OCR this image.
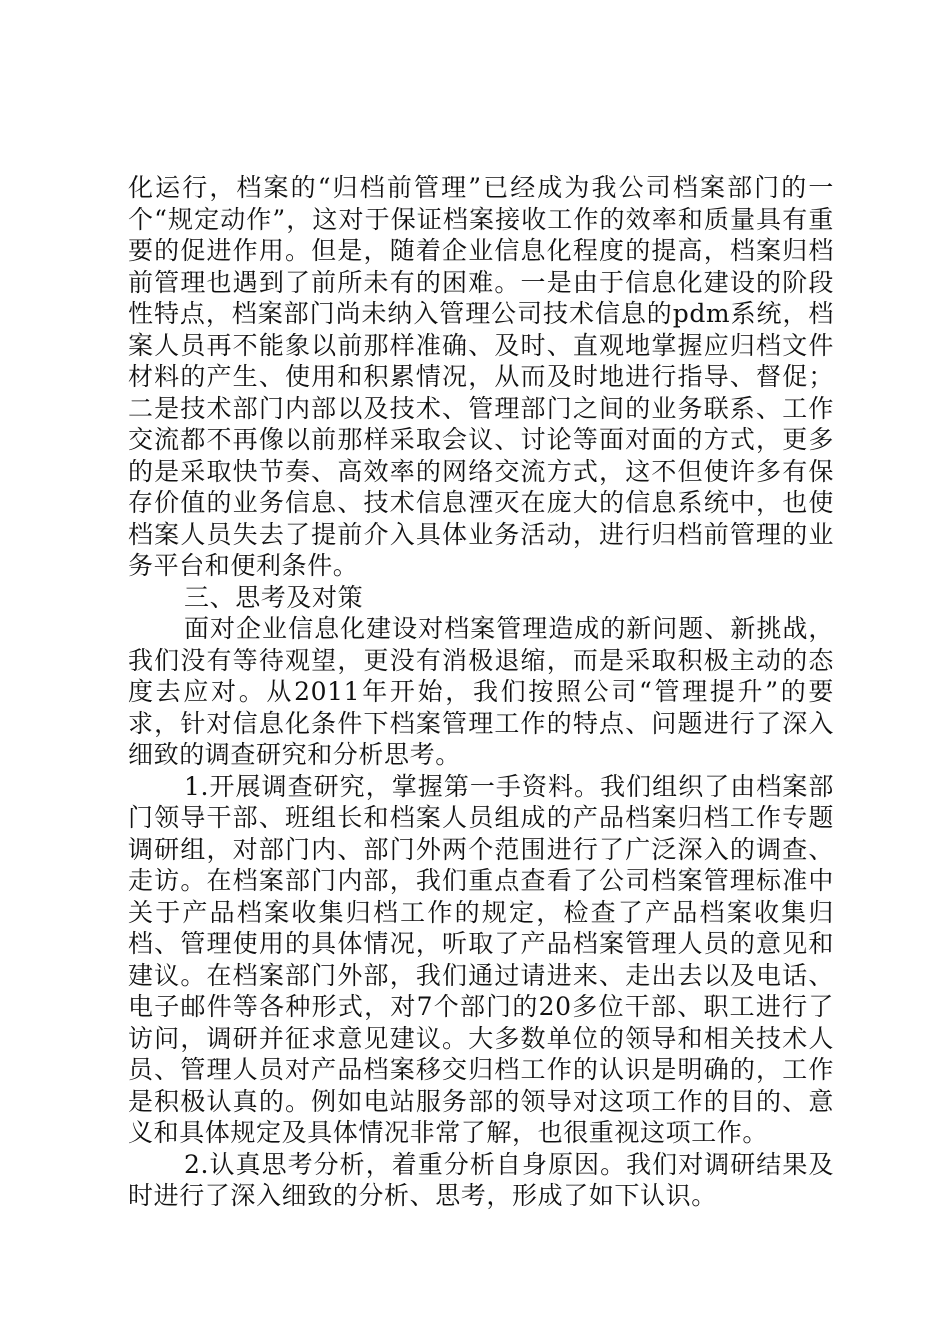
化运行，档案的“归档前管理”已经成为我公司档案部门的一个“规定动作”，这对于保证档案接收工作的效率和质量具有重要的促进作用。但是，随着企业信息化程度的提高，档案归档前管理也遇到了前所未有的困难。一是由于信息化建设的阶段性特点，档案部门尚未纳入管理公司技术信息的pdm系统，档案人员再不能象以前那样准确、及时、直观地掌握应归档文件材料的产生、使用和积累情况，从而及时地进行指导、督促；二是技术部门内部以及技术、管理部门之间的业务联系、工作交流都不再像以前那样采取会议、讨论等面对面的方式，更多的是采取快节奏、高效率的网络交流方式，这不但使许多有保存价值的业务信息、技术信息湮灭在庞大的信息系统中，也使档案人员失去了提前介入具体业务活动，进行归档前管理的业务平台和便利条件。

三、思考及对策

面对企业信息化建设对档案管理造成的新问题、新挑战，我们没有等待观望，更没有消极退缩，而是采取积极主动的态度去应对。从2011年开始，我们按照公司“管理提升”的要求，针对信息化条件下档案管理工作的特点、问题进行了深入细致的调查研究和分析思考。

1.开展调查研究，掌握第一手资料。我们组织了由档案部门领导干部、班组长和档案人员组成的产品档案归档工作专题调研组，对部门内、部门外两个范围进行了广泛深入的调查、走访。在档案部门内部，我们重点查看了公司档案管理标准中关于产品档案收集归档工作的规定，检查了产品档案收集归档、管理使用的具体情况，听取了产品档案管理人员的意见和建议。在档案部门外部，我们通过请进来、走出去以及电话、电子邮件等各种形式，对7个部门的20多位干部、职工进行了访问，调研并征求意见建议。大多数单位的领导和相关技术人员、管理人员对产品档案移交归档工作的认识是明确的，工作是积极认真的。例如电站服务部的领导对这项工作的目的、意义和具体规定及具体情况非常了解，也很重视这项工作。

2.认真思考分析，着重分析自身原因。我们对调研结果及时进行了深入细致的分析、思考，形成了如下认识。
